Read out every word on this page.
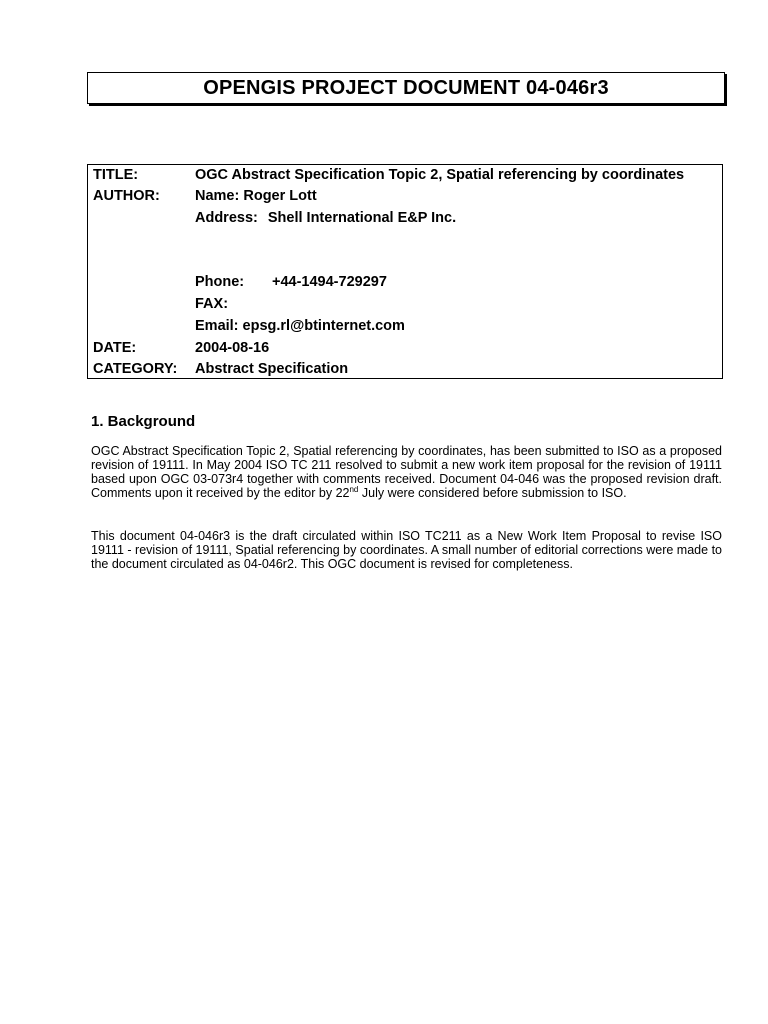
OPENGIS PROJECT DOCUMENT 04-046r3
TITLE:	OGC Abstract Specification Topic 2, Spatial referencing by coordinates
AUTHOR: Name: Roger Lott
Address: Shell International E&P Inc.
Phone: +44-1494-729297
FAX:
Email: epsg.rl@btinternet.com
DATE:	2004-08-16
CATEGORY: Abstract Specification
1. Background
OGC Abstract Specification Topic 2, Spatial referencing by coordinates, has been submitted to ISO as a proposed revision of 19111. In May 2004 ISO TC 211 resolved to submit a new work item proposal for the revision of 19111 based upon OGC 03-073r4 together with comments received. Document 04-046 was the proposed revision draft. Comments upon it received by the editor by 22nd July were considered before submission to ISO.
This document 04-046r3 is the draft circulated within ISO TC211 as a New Work Item Proposal to revise ISO 19111 - revision of 19111, Spatial referencing by coordinates. A small number of editorial corrections were made to the document circulated as 04-046r2. This OGC document is revised for completeness.
